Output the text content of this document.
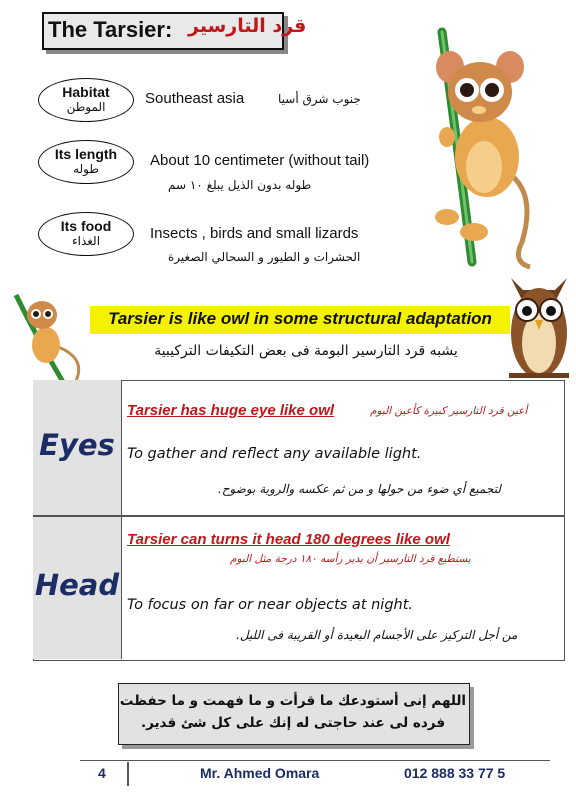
The Tarsier: قرد التارسير
Habitat
الموطن	Southeast asia	جنوب شرق أسيا
Its length
طوله	About 10 centimeter (without tail)
طوله بدون الذيل يبلغ ١٠ سم
Its food
الغذاء	Insects , birds and small lizards
الحشرات و الطيور و السحالي الصغيرة
Tarsier is like owl in some structural adaptation
يشبه قرد التارسير البومة فى بعض التكيفات التركيبية
Eyes
Tarsier has huge eye like owl	أعين قرد التارسير كبيرة كأعين البوم
To gather and reflect any available light.
لتجميع أي ضوء من حولها و من ثم عكسه والروية بوضوح.
Head
Tarsier can turns it head 180 degrees like owl
يستطيع قرد التارسير أن يدير رأسه ١٨٠ درجة مثل البوم
To focus on far or near objects at night.
من أجل التركيز على الأجسام البعيدة أو القريبة فى الليل.
اللهم إنى أستودعك ما قرأت و ما فهمت و ما حفظت
فرده لى عند حاجتى له إنك على كل شئ قدير.
4	Mr. Ahmed Omara	012 888 33 77 5
